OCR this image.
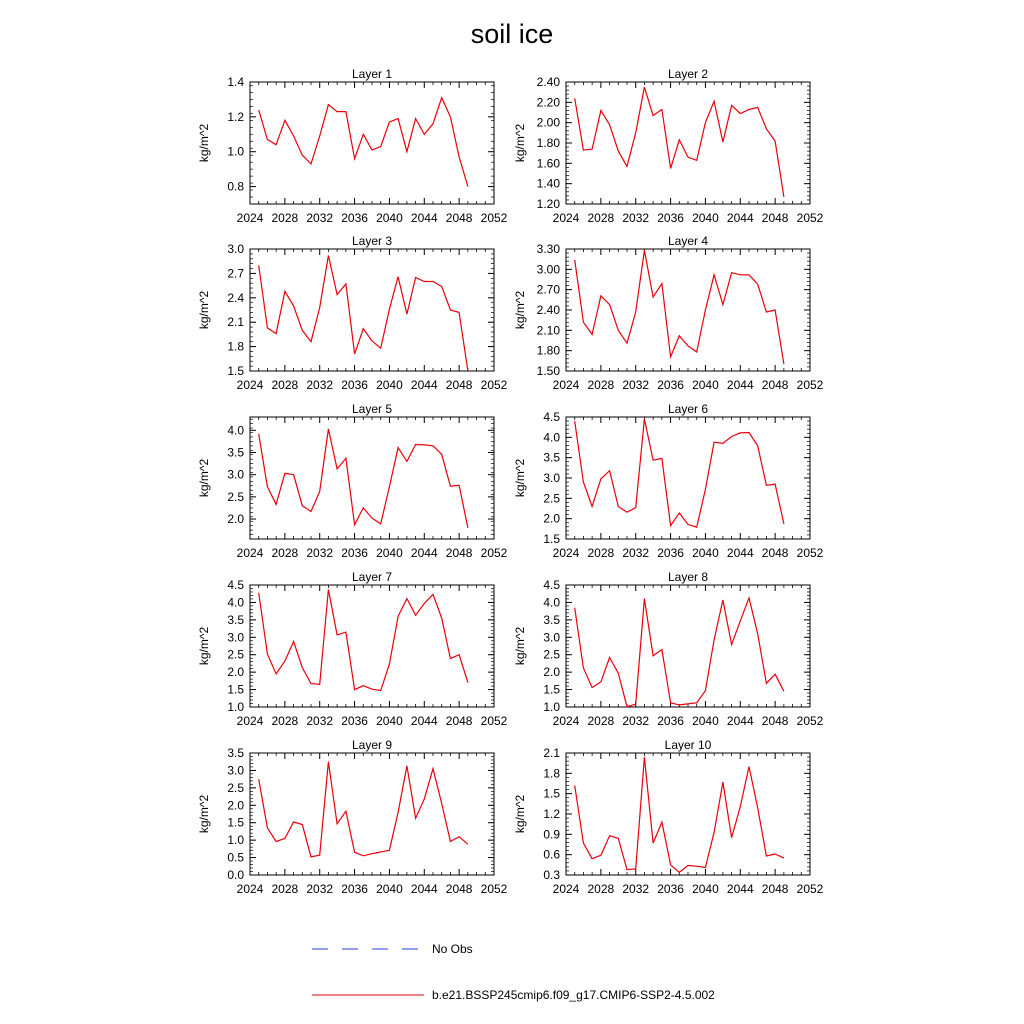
soil ice
Layer 1
2024 2028 2032 2036 2040 2044 2048 2052
0.8
1.0
1.2
1.4
kg/m^2
Layer 2
2024 2028 2032 2036 2040 2044 2048 2052
1.20
1.40
1.60
1.80
2.00
2.20
2.40
kg/m^2
Layer 3
2024 2028 2032 2036 2040 2044 2048 2052
1.5
1.8
2.1
2.4
2.7
3.0
kg/m^2
Layer 4
2024 2028 2032 2036 2040 2044 2048 2052
1.50
1.80
2.10
2.40
2.70
3.00
3.30
kg/m^2
Layer 5
2024 2028 2032 2036 2040 2044 2048 2052
2.0
2.5
3.0
3.5
4.0
kg/m^2
Layer 6
2024 2028 2032 2036 2040 2044 2048 2052
1.5
2.0
2.5
3.0
3.5
4.0
4.5
kg/m^2
Layer 7
2024 2028 2032 2036 2040 2044 2048 2052
1.0
1.5
2.0
2.5
3.0
3.5
4.0
4.5
kg/m^2
Layer 8
2024 2028 2032 2036 2040 2044 2048 2052
1.0
1.5
2.0
2.5
3.0
3.5
4.0
4.5
kg/m^2
Layer 9
2024 2028 2032 2036 2040 2044 2048 2052
0.0
0.5
1.0
1.5
2.0
2.5
3.0
3.5
kg/m^2
Layer 10
2024 2028 2032 2036 2040 2044 2048 2052
0.3
0.6
0.9
1.2
1.5
1.8
2.1
kg/m^2
No Obs
b.e21.BSSP245cmip6.f09_g17.CMIP6-SSP2-4.5.002
